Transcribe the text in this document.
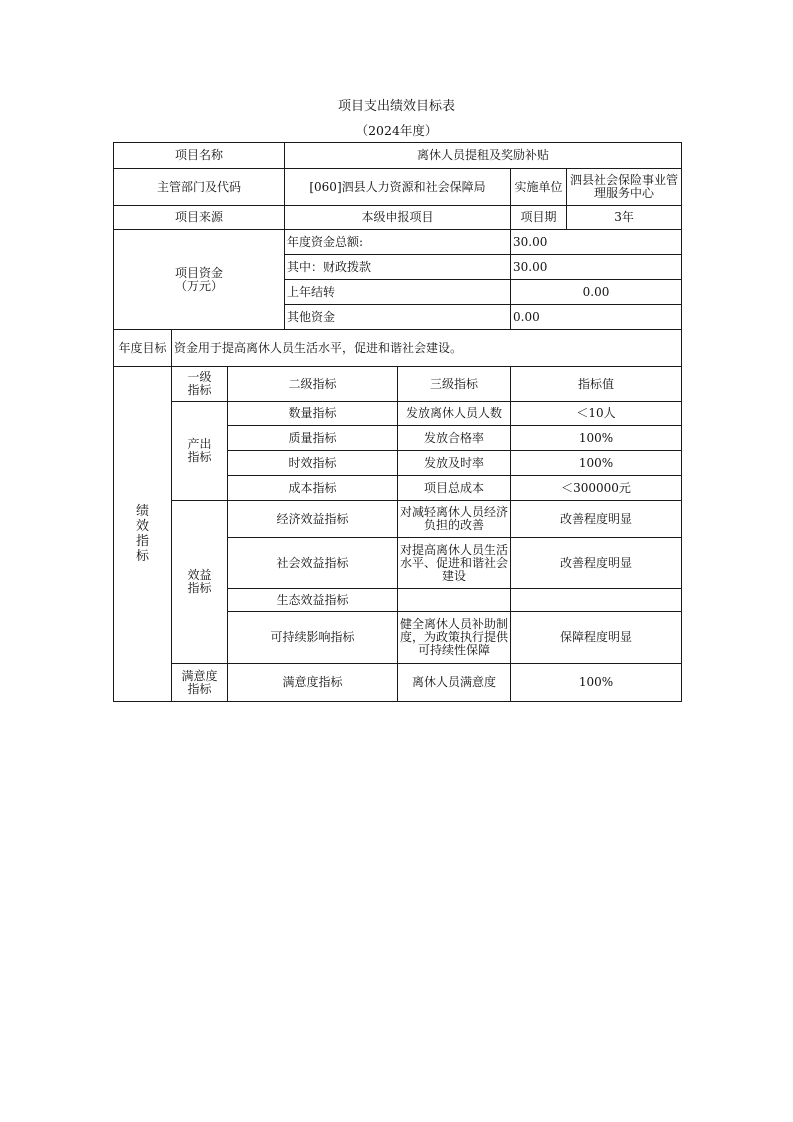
项目支出绩效目标表
（2024年度）
项目名称			离休人员提租及奖励补贴			
主管部门及代码			[060]泗县人力资源和社会保障局		实施单位	泗县社会保险事业管理服务中心
项目来源			本级申报项目		项目期	3年

项目资金
（万元）			年度资金总额:		30.00	
			其中：财政拨款		30.00	
			上年结转		0.00	
			其他资金		0.00	
年度目标	资金用于提高离休人员生活水平，促进和谐社会建设。					

绩效指标	一级指标	二级指标		三级指标	指标值	
	产出指标	数量指标		发放离休人员人数	＜10人	
		质量指标		发放合格率	100%	
		时效指标		发放及时率	100%	
		成本指标		项目总成本	＜300000元	
	效益指标	经济效益指标		对减轻离休人员经济负担的改善	改善程度明显	
		社会效益指标		对提高离休人员生活水平、促进和谐社会建设	改善程度明显	
		生态效益指标				
		可持续影响指标		健全离休人员补助制度，为政策执行提供可持续性保障	保障程度明显	
	满意度指标	满意度指标		离休人员满意度	100%	
